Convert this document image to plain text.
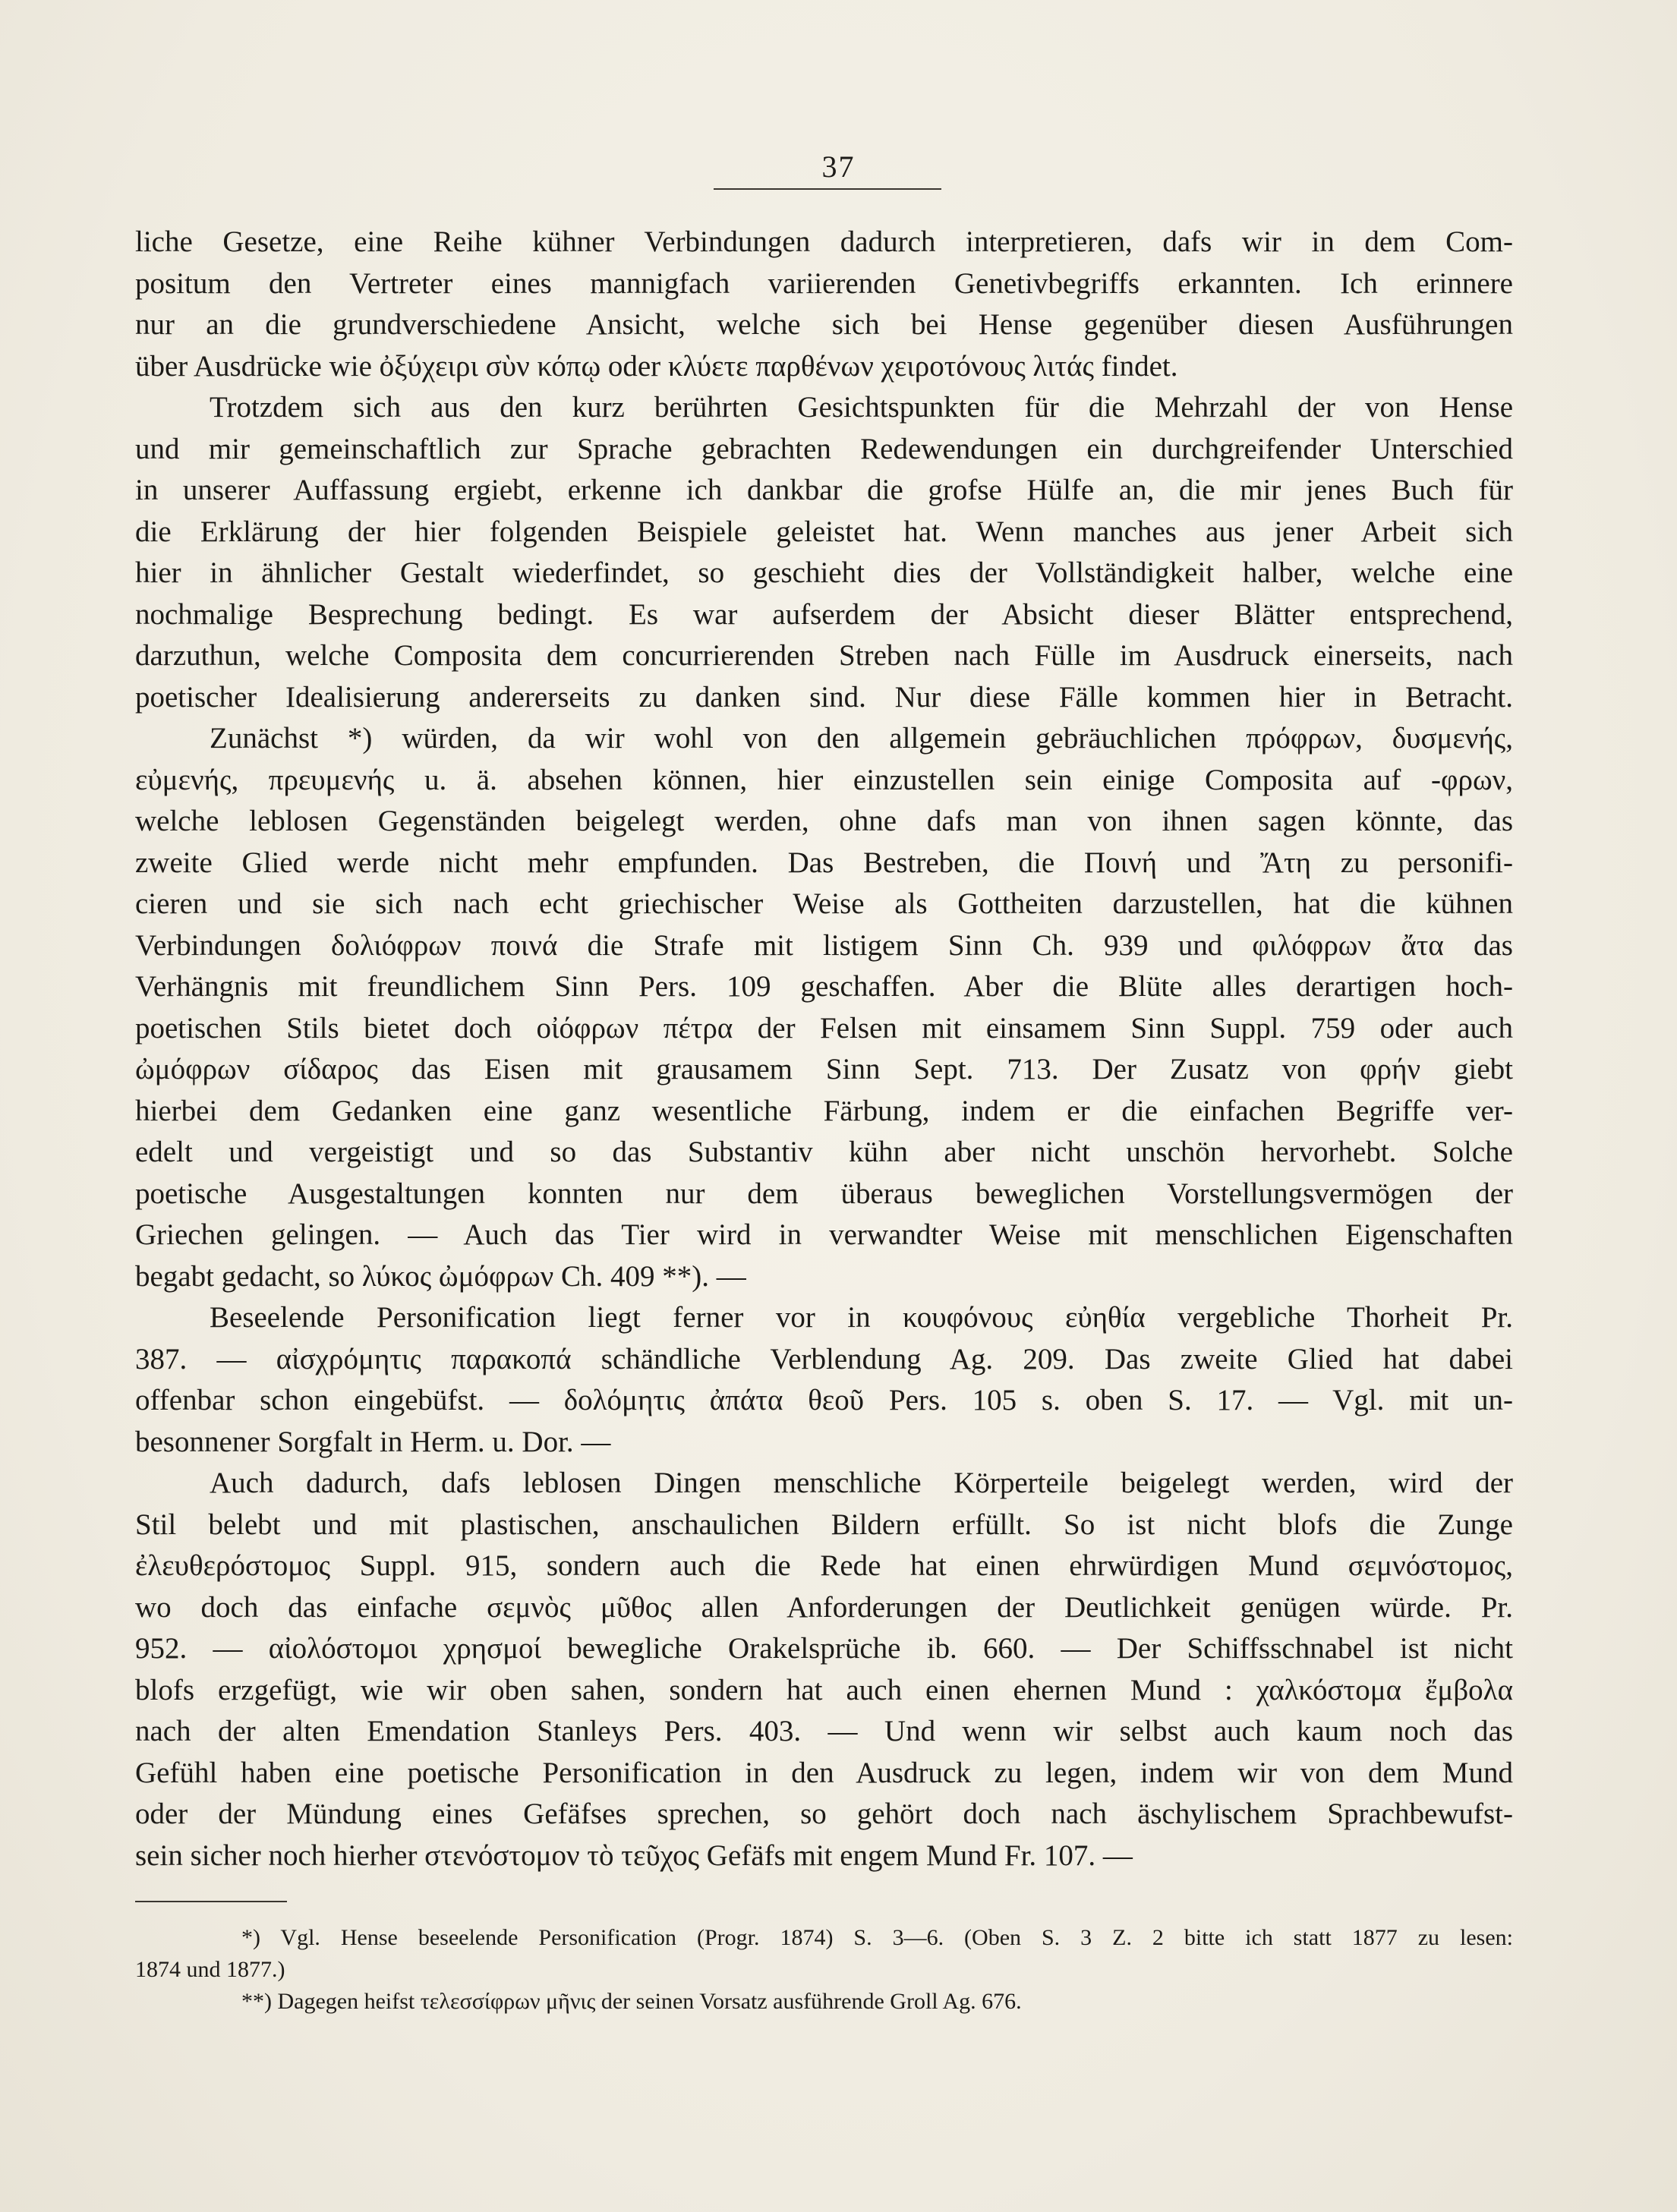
37
liche Gesetze, eine Reihe kühner Verbindungen dadurch interpretieren, dafs wir in dem Com-
positum den Vertreter eines mannigfach variierenden Genetivbegriffs erkannten. Ich erinnere
nur an die grundverschiedene Ansicht, welche sich bei Hense gegenüber diesen Ausführungen
über Ausdrücke wie ὀξύχειρι σὺν κόπῳ oder κλύετε παρθένων χειροτόνους λιτάς findet.
Trotzdem sich aus den kurz berührten Gesichtspunkten für die Mehrzahl der von Hense
und mir gemeinschaftlich zur Sprache gebrachten Redewendungen ein durchgreifender Unterschied
in unserer Auffassung ergiebt, erkenne ich dankbar die grofse Hülfe an, die mir jenes Buch für
die Erklärung der hier folgenden Beispiele geleistet hat. Wenn manches aus jener Arbeit sich
hier in ähnlicher Gestalt wiederfindet, so geschieht dies der Vollständigkeit halber, welche eine
nochmalige Besprechung bedingt. Es war aufserdem der Absicht dieser Blätter entsprechend,
darzuthun, welche Composita dem concurrierenden Streben nach Fülle im Ausdruck einerseits, nach
poetischer Idealisierung andererseits zu danken sind. Nur diese Fälle kommen hier in Betracht.
Zunächst *) würden, da wir wohl von den allgemein gebräuchlichen πρόφρων, δυσμενής,
εὐμενής, πρευμενής u. ä. absehen können, hier einzustellen sein einige Composita auf -φρων,
welche leblosen Gegenständen beigelegt werden, ohne dafs man von ihnen sagen könnte, das
zweite Glied werde nicht mehr empfunden. Das Bestreben, die Ποινή und Ἄτη zu personifi-
cieren und sie sich nach echt griechischer Weise als Gottheiten darzustellen, hat die kühnen
Verbindungen δολιόφρων ποινά die Strafe mit listigem Sinn Ch. 939 und φιλόφρων ἄτα das
Verhängnis mit freundlichem Sinn Pers. 109 geschaffen. Aber die Blüte alles derartigen hoch-
poetischen Stils bietet doch οἰόφρων πέτρα der Felsen mit einsamem Sinn Suppl. 759 oder auch
ὠμόφρων σίδαρος das Eisen mit grausamem Sinn Sept. 713. Der Zusatz von φρήν giebt
hierbei dem Gedanken eine ganz wesentliche Färbung, indem er die einfachen Begriffe ver-
edelt und vergeistigt und so das Substantiv kühn aber nicht unschön hervorhebt. Solche
poetische Ausgestaltungen konnten nur dem überaus beweglichen Vorstellungsvermögen der
Griechen gelingen. — Auch das Tier wird in verwandter Weise mit menschlichen Eigenschaften
begabt gedacht, so λύκος ὠμόφρων Ch. 409 **). —
Beseelende Personification liegt ferner vor in κουφόνους εὐηθία vergebliche Thorheit Pr.
387. — αἰσχρόμητις παρακοπά schändliche Verblendung Ag. 209. Das zweite Glied hat dabei
offenbar schon eingebüfst. — δολόμητις ἀπάτα θεοῦ Pers. 105 s. oben S. 17. — Vgl. mit un-
besonnener Sorgfalt in Herm. u. Dor. —
Auch dadurch, dafs leblosen Dingen menschliche Körperteile beigelegt werden, wird der
Stil belebt und mit plastischen, anschaulichen Bildern erfüllt. So ist nicht blofs die Zunge
ἐλευθερόστομος Suppl. 915, sondern auch die Rede hat einen ehrwürdigen Mund σεμνόστομος,
wo doch das einfache σεμνὸς μῦθος allen Anforderungen der Deutlichkeit genügen würde. Pr.
952. — αἰολόστομοι χρησμοί bewegliche Orakelsprüche ib. 660. — Der Schiffsschnabel ist nicht
blofs erzgefügt, wie wir oben sahen, sondern hat auch einen ehernen Mund : χαλκόστομα ἔμβολα
nach der alten Emendation Stanleys Pers. 403. — Und wenn wir selbst auch kaum noch das
Gefühl haben eine poetische Personification in den Ausdruck zu legen, indem wir von dem Mund
oder der Mündung eines Gefäfses sprechen, so gehört doch nach äschylischem Sprachbewufst-
sein sicher noch hierher στενόστομον τὸ τεῦχος Gefäfs mit engem Mund Fr. 107. —
*) Vgl. Hense beseelende Personification (Progr. 1874) S. 3—6. (Oben S. 3 Z. 2 bitte ich statt 1877 zu lesen:
1874 und 1877.)
**) Dagegen heifst τελεσσίφρων μῆνις der seinen Vorsatz ausführende Groll Ag. 676.
